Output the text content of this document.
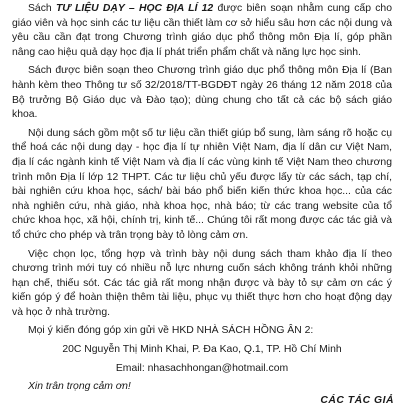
Sách TƯ LIỆU DẠY – HỌC ĐỊA LÍ 12 được biên soạn nhằm cung cấp cho giáo viên và học sinh các tư liệu cần thiết làm cơ sở hiểu sâu hơn các nội dung và yêu cầu cần đạt trong Chương trình giáo dục phổ thông môn Địa lí, góp phần nâng cao hiệu quả dạy học địa lí phát triển phẩm chất và năng lực học sinh.

Sách được biên soạn theo Chương trình giáo dục phổ thông môn Địa lí (Ban hành kèm theo Thông tư số 32/2018/TT-BGDĐT ngày 26 tháng 12 năm 2018 của Bộ trưởng Bộ Giáo dục và Đào tạo); dùng chung cho tất cả các bộ sách giáo khoa.

Nội dung sách gồm một số tư liệu cần thiết giúp bổ sung, làm sáng rõ hoặc cụ thể hoá các nội dung dạy - học địa lí tự nhiên Việt Nam, địa lí dân cư Việt Nam, địa lí các ngành kinh tế Việt Nam và địa lí các vùng kinh tế Việt Nam theo chương trình môn Địa lí lớp 12 THPT. Các tư liệu chủ yếu được lấy từ các sách, tạp chí, bài nghiên cứu khoa học, sách/ bài báo phổ biến kiến thức khoa học... của các nhà nghiên cứu, nhà giáo, nhà khoa học, nhà báo; từ các trang website của tổ chức khoa học, xã hội, chính trị, kinh tế... Chúng tôi rất mong được các tác giả và tổ chức cho phép và trân trọng bày tỏ lòng cảm ơn.

Việc chọn lọc, tổng hợp và trình bày nội dung sách tham khảo địa lí theo chương trình mới tuy có nhiều nỗ lực nhưng cuốn sách không tránh khỏi những hạn chế, thiếu sót. Các tác giả rất mong nhận được và bày tỏ sự cảm ơn các ý kiến góp ý để hoàn thiện thêm tài liệu, phục vụ thiết thực hơn cho hoạt động dạy và học ở nhà trường.

Mọi ý kiến đóng góp xin gửi về HKD NHÀ SÁCH HỒNG ÂN 2:

20C Nguyễn Thị Minh Khai, P. Đa Kao, Q.1, TP. Hồ Chí Minh

Email: nhasachhongan@hotmail.com

Xin trân trọng cảm ơn!

CÁC TÁC GIẢ
